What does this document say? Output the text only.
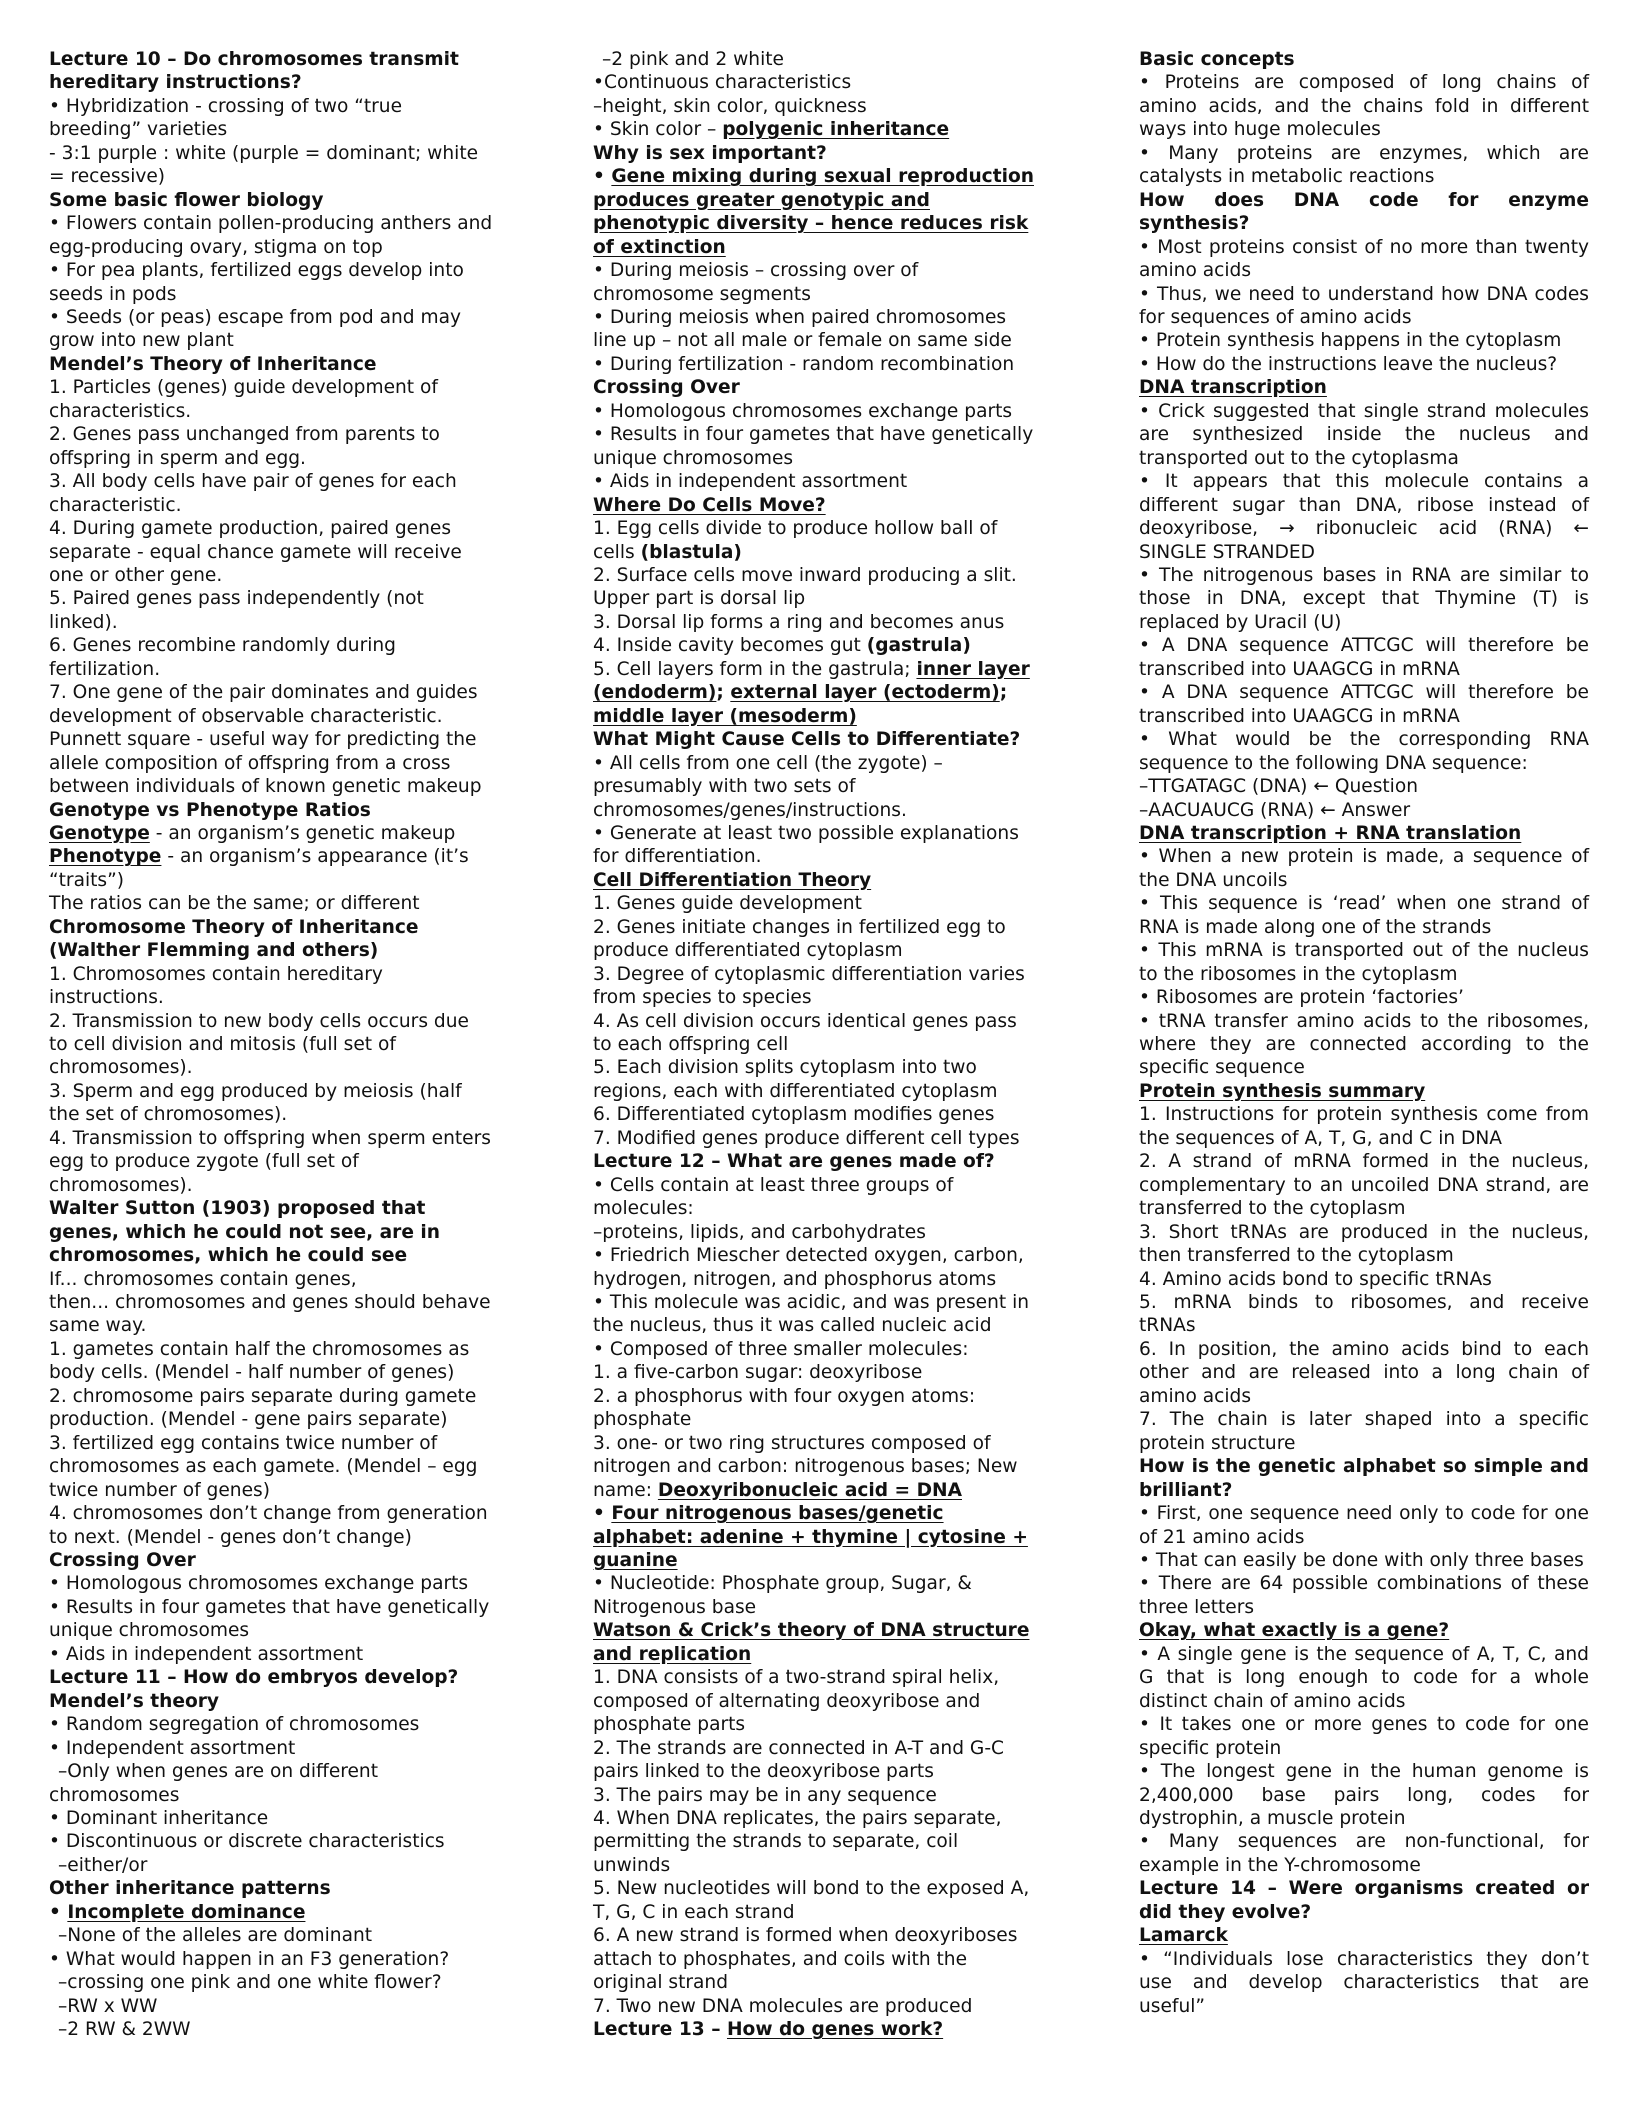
Lecture 10 – Do chromosomes transmit
hereditary instructions?
• Hybridization - crossing of two “true
breeding” varieties
- 3:1 purple : white (purple = dominant; white
= recessive)
Some basic flower biology
• Flowers contain pollen-producing anthers and
egg-producing ovary, stigma on top
• For pea plants, fertilized eggs develop into
seeds in pods
• Seeds (or peas) escape from pod and may
grow into new plant
Mendel’s Theory of Inheritance
1. Particles (genes) guide development of
characteristics.
2. Genes pass unchanged from parents to
offspring in sperm and egg.
3. All body cells have pair of genes for each
characteristic.
4. During gamete production, paired genes
separate - equal chance gamete will receive
one or other gene.
5. Paired genes pass independently (not
linked).
6. Genes recombine randomly during
fertilization.
7. One gene of the pair dominates and guides
development of observable characteristic.
Punnett square - useful way for predicting the
allele composition of offspring from a cross
between individuals of known genetic makeup
Genotype vs Phenotype Ratios
Genotype - an organism’s genetic makeup
Phenotype - an organism’s appearance (it’s
“traits”)
The ratios can be the same; or different
Chromosome Theory of Inheritance
(Walther Flemming and others)
1. Chromosomes contain hereditary
instructions.
2. Transmission to new body cells occurs due
to cell division and mitosis (full set of
chromosomes).
3. Sperm and egg produced by meiosis (half
the set of chromosomes).
4. Transmission to offspring when sperm enters
egg to produce zygote (full set of
chromosomes).
Walter Sutton (1903) proposed that
genes, which he could not see, are in
chromosomes, which he could see
If... chromosomes contain genes,
then... chromosomes and genes should behave
same way.
1. gametes contain half the chromosomes as
body cells. (Mendel - half number of genes)
2. chromosome pairs separate during gamete
production. (Mendel - gene pairs separate)
3. fertilized egg contains twice number of
chromosomes as each gamete. (Mendel – egg
twice number of genes)
4. chromosomes don’t change from generation
to next. (Mendel - genes don’t change)
Crossing Over
• Homologous chromosomes exchange parts
• Results in four gametes that have genetically
unique chromosomes
• Aids in independent assortment
Lecture 11 – How do embryos develop?
Mendel’s theory
• Random segregation of chromosomes
• Independent assortment
–Only when genes are on different
chromosomes
• Dominant inheritance
• Discontinuous or discrete characteristics
–either/or
Other inheritance patterns
• Incomplete dominance
–None of the alleles are dominant
• What would happen in an F3 generation?
–crossing one pink and one white flower?
–RW x WW
–2 RW & 2WW
–2 pink and 2 white
•Continuous characteristics
–height, skin color, quickness
• Skin color – polygenic inheritance
Why is sex important?
• Gene mixing during sexual reproduction
produces greater genotypic and
phenotypic diversity – hence reduces risk
of extinction
• During meiosis – crossing over of
chromosome segments
• During meiosis when paired chromosomes
line up – not all male or female on same side
• During fertilization - random recombination
Crossing Over
• Homologous chromosomes exchange parts
• Results in four gametes that have genetically
unique chromosomes
• Aids in independent assortment
Where Do Cells Move?
1. Egg cells divide to produce hollow ball of
cells (blastula)
2. Surface cells move inward producing a slit.
Upper part is dorsal lip
3. Dorsal lip forms a ring and becomes anus
4. Inside cavity becomes gut (gastrula)
5. Cell layers form in the gastrula; inner layer
(endoderm); external layer (ectoderm);
middle layer (mesoderm)
What Might Cause Cells to Differentiate?
• All cells from one cell (the zygote) –
presumably with two sets of
chromosomes/genes/instructions.
• Generate at least two possible explanations
for differentiation.
Cell Differentiation Theory
1. Genes guide development
2. Genes initiate changes in fertilized egg to
produce differentiated cytoplasm
3. Degree of cytoplasmic differentiation varies
from species to species
4. As cell division occurs identical genes pass
to each offspring cell
5. Each division splits cytoplasm into two
regions, each with differentiated cytoplasm
6. Differentiated cytoplasm modifies genes
7. Modified genes produce different cell types
Lecture 12 – What are genes made of?
• Cells contain at least three groups of
molecules:
–proteins, lipids, and carbohydrates
• Friedrich Miescher detected oxygen, carbon,
hydrogen, nitrogen, and phosphorus atoms
• This molecule was acidic, and was present in
the nucleus, thus it was called nucleic acid
• Composed of three smaller molecules:
1. a five-carbon sugar: deoxyribose
2. a phosphorus with four oxygen atoms:
phosphate
3. one- or two ring structures composed of
nitrogen and carbon: nitrogenous bases; New
name: Deoxyribonucleic acid = DNA
• Four nitrogenous bases/genetic
alphabet: adenine + thymine | cytosine +
guanine
• Nucleotide: Phosphate group, Sugar, &
Nitrogenous base
Watson & Crick’s theory of DNA structure
and replication
1. DNA consists of a two-strand spiral helix,
composed of alternating deoxyribose and
phosphate parts
2. The strands are connected in A-T and G-C
pairs linked to the deoxyribose parts
3. The pairs may be in any sequence
4. When DNA replicates, the pairs separate,
permitting the strands to separate, coil
unwinds
5. New nucleotides will bond to the exposed A,
T, G, C in each strand
6. A new strand is formed when deoxyriboses
attach to phosphates, and coils with the
original strand
7. Two new DNA molecules are produced
Lecture 13 – How do genes work?
Basic concepts
• Proteins are composed of long chains of
amino acids, and the chains fold in different
ways into huge molecules
• Many proteins are enzymes, which are
catalysts in metabolic reactions
How does DNA code for enzyme
synthesis?
• Most proteins consist of no more than twenty
amino acids
• Thus, we need to understand how DNA codes
for sequences of amino acids
• Protein synthesis happens in the cytoplasm
• How do the instructions leave the nucleus?
DNA transcription
• Crick suggested that single strand molecules
are synthesized inside the nucleus and
transported out to the cytoplasma
• It appears that this molecule contains a
different sugar than DNA, ribose instead of
deoxyribose, → ribonucleic acid (RNA) ←
SINGLE STRANDED
• The nitrogenous bases in RNA are similar to
those in DNA, except that Thymine (T) is
replaced by Uracil (U)
• A DNA sequence ATTCGC will therefore be
transcribed into UAAGCG in mRNA
• A DNA sequence ATTCGC will therefore be
transcribed into UAAGCG in mRNA
• What would be the corresponding RNA
sequence to the following DNA sequence:
–TTGATAGC (DNA) ← Question
–AACUAUCG (RNA) ← Answer
DNA transcription + RNA translation
• When a new protein is made, a sequence of
the DNA uncoils
• This sequence is ‘read’ when one strand of
RNA is made along one of the strands
• This mRNA is transported out of the nucleus
to the ribosomes in the cytoplasm
• Ribosomes are protein ‘factories’
• tRNA transfer amino acids to the ribosomes,
where they are connected according to the
specific sequence
Protein synthesis summary
1. Instructions for protein synthesis come from
the sequences of A, T, G, and C in DNA
2. A strand of mRNA formed in the nucleus,
complementary to an uncoiled DNA strand, are
transferred to the cytoplasm
3. Short tRNAs are produced in the nucleus,
then transferred to the cytoplasm
4. Amino acids bond to specific tRNAs
5. mRNA binds to ribosomes, and receive
tRNAs
6. In position, the amino acids bind to each
other and are released into a long chain of
amino acids
7. The chain is later shaped into a specific
protein structure
How is the genetic alphabet so simple and
brilliant?
• First, one sequence need only to code for one
of 21 amino acids
• That can easily be done with only three bases
• There are 64 possible combinations of these
three letters
Okay, what exactly is a gene?
• A single gene is the sequence of A, T, C, and
G that is long enough to code for a whole
distinct chain of amino acids
• It takes one or more genes to code for one
specific protein
• The longest gene in the human genome is
2,400,000 base pairs long, codes for
dystrophin, a muscle protein
• Many sequences are non-functional, for
example in the Y-chromosome
Lecture 14 – Were organisms created or
did they evolve?
Lamarck
• “Individuals lose characteristics they don’t
use and develop characteristics that are
useful”
